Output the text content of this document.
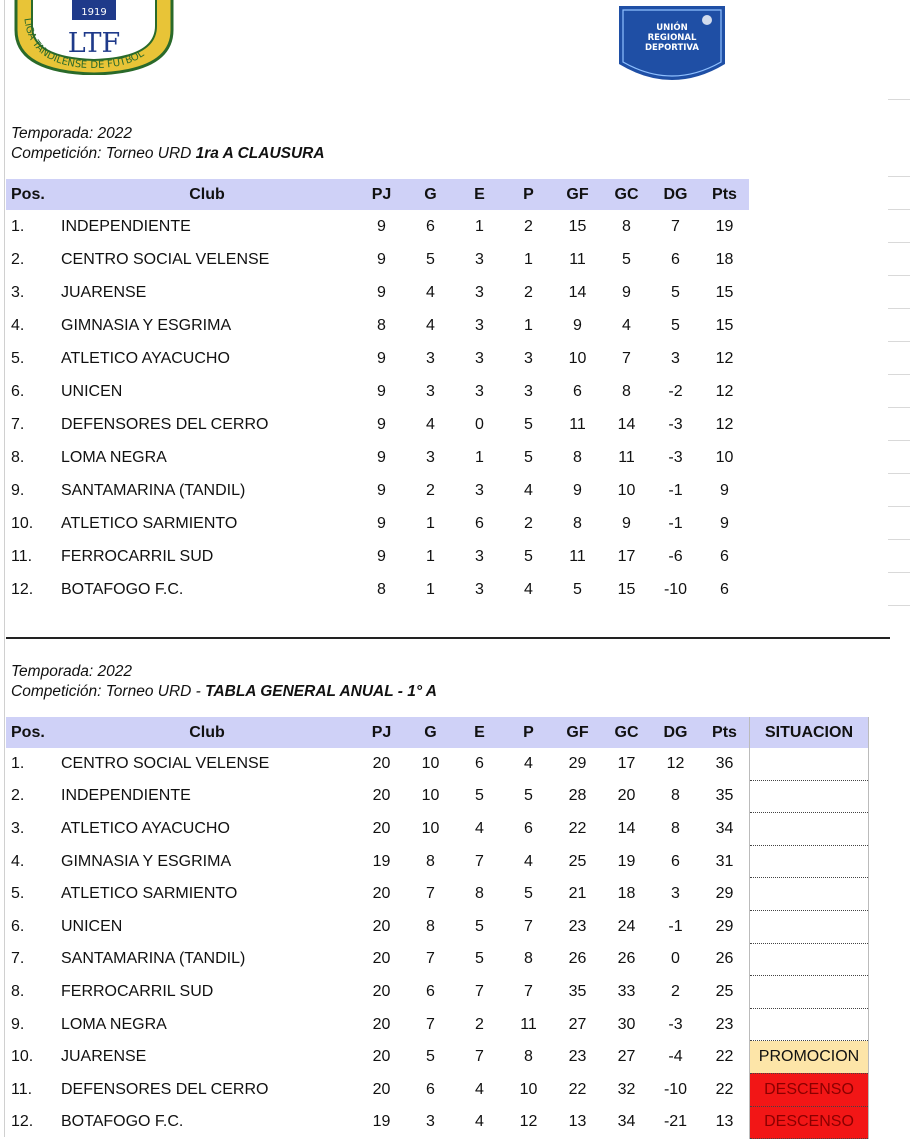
1919
LTF
LIGA TANDILENSE DE FUTBOL
UNIÓN
REGIONAL
DEPORTIVA
Temporada: 2022
Competición: Torneo URD 1ra A CLAUSURA
Pos.	Club	PJ	G	E	P	GF	GC	DG	Pts
1.	INDEPENDIENTE	9	6	1	2	15	8	7	19
2.	CENTRO SOCIAL VELENSE	9	5	3	1	11	5	6	18
3.	JUARENSE	9	4	3	2	14	9	5	15
4.	GIMNASIA Y ESGRIMA	8	4	3	1	9	4	5	15
5.	ATLETICO AYACUCHO	9	3	3	3	10	7	3	12
6.	UNICEN	9	3	3	3	6	8	-2	12
7.	DEFENSORES DEL CERRO	9	4	0	5	11	14	-3	12
8.	LOMA NEGRA	9	3	1	5	8	11	-3	10
9.	SANTAMARINA (TANDIL)	9	2	3	4	9	10	-1	9
10.	ATLETICO SARMIENTO	9	1	6	2	8	9	-1	9
11.	FERROCARRIL SUD	9	1	3	5	11	17	-6	6
12.	BOTAFOGO F.C.	8	1	3	4	5	15	-10	6
Temporada: 2022
Competición: Torneo URD - TABLA GENERAL ANUAL - 1° A
Pos.	Club	PJ	G	E	P	GF	GC	DG	Pts	SITUACION
1.	CENTRO SOCIAL VELENSE	20	10	6	4	29	17	12	36	
2.	INDEPENDIENTE	20	10	5	5	28	20	8	35	
3.	ATLETICO AYACUCHO	20	10	4	6	22	14	8	34	
4.	GIMNASIA Y ESGRIMA	19	8	7	4	25	19	6	31	
5.	ATLETICO SARMIENTO	20	7	8	5	21	18	3	29	
6.	UNICEN	20	8	5	7	23	24	-1	29	
7.	SANTAMARINA (TANDIL)	20	7	5	8	26	26	0	26	
8.	FERROCARRIL SUD	20	6	7	7	35	33	2	25	
9.	LOMA NEGRA	20	7	2	11	27	30	-3	23	
10.	JUARENSE	20	5	7	8	23	27	-4	22	PROMOCION
11.	DEFENSORES DEL CERRO	20	6	4	10	22	32	-10	22	DESCENSO
12.	BOTAFOGO F.C.	19	3	4	12	13	34	-21	13	DESCENSO
